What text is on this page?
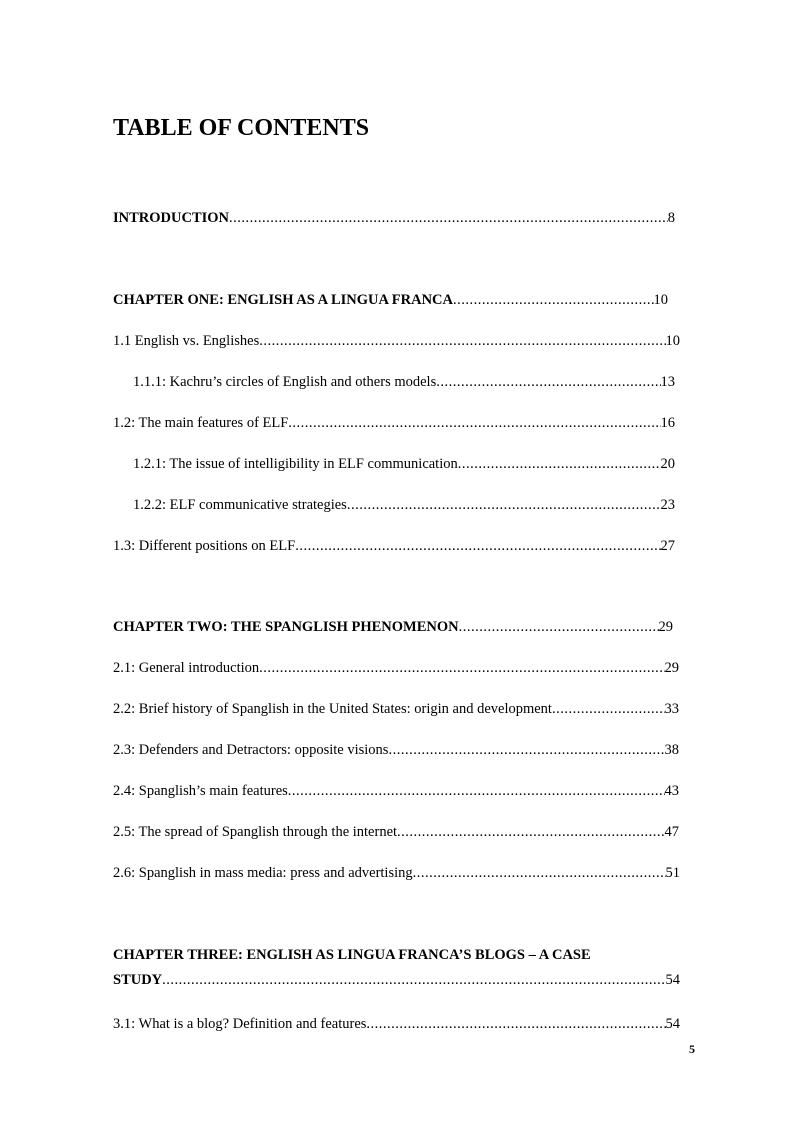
TABLE OF CONTENTS
INTRODUCTION .....	8
CHAPTER ONE: ENGLISH AS A LINGUA FRANCA .....	10
1.1 English vs. Englishes .....	10
1.1.1: Kachru’s circles of English and others models .....	13
1.2: The main features of ELF .....	16
1.2.1: The issue of intelligibility in ELF communication .....	20
1.2.2: ELF communicative strategies .....	23
1.3: Different positions on ELF .....	27
CHAPTER TWO: THE SPANGLISH PHENOMENON .....	29
2.1: General introduction .....	29
2.2: Brief history of Spanglish in the United States: origin and development .....	33
2.3: Defenders and Detractors: opposite visions .....	38
2.4: Spanglish’s main features .....	43
2.5: The spread of Spanglish through the internet .....	47
2.6: Spanglish in mass media: press and advertising .....	51
CHAPTER THREE: ENGLISH AS LINGUA FRANCA’S BLOGS – A CASE
STUDY .....	54
3.1: What is a blog? Definition and features .....	54
5
